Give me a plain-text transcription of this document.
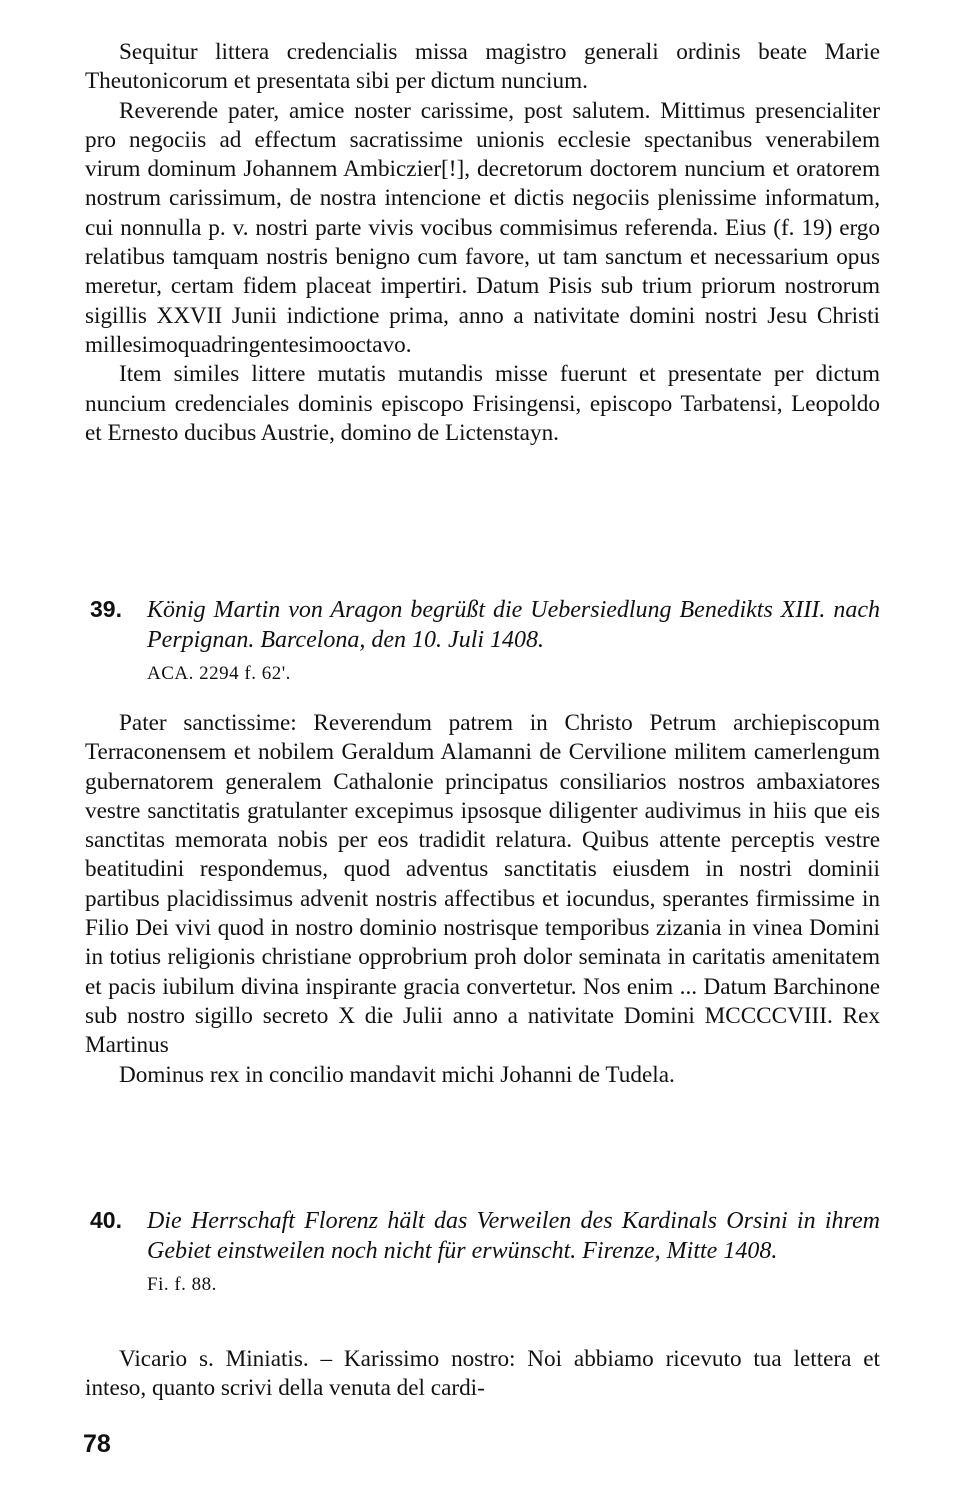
Sequitur littera credencialis missa magistro generali ordinis beate Marie Theutonicorum et presentata sibi per dictum nuncium.

Reverende pater, amice noster carissime, post salutem. Mittimus presencialiter pro negociis ad effectum sacratissime unionis ecclesie spectanibus venerabilem virum dominum Johannem Ambiczier[!], decretorum doctorem nuncium et oratorem nostrum carissimum, de nostra intencione et dictis negociis plenissime informatum, cui nonnulla p. v. nostri parte vivis vocibus commisimus referenda. Eius (f. 19) ergo relatibus tamquam nostris benigno cum favore, ut tam sanctum et necessarium opus meretur, certam fidem placeat impertiri. Datum Pisis sub trium priorum nostrorum sigillis XXVII Junii indictione prima, anno a nativitate domini nostri Jesu Christi millesimoquadringentesimooctavo.

Item similes littere mutatis mutandis misse fuerunt et presentate per dictum nuncium credenciales dominis episcopo Frisingensi, episcopo Tarbatensi, Leopoldo et Ernesto ducibus Austrie, domino de Lictenstayn.

39. König Martin von Aragon begrüßt die Uebersiedlung Benedikts XIII. nach Perpignan. Barcelona, den 10. Juli 1408.
ACA. 2294 f. 62'.

Pater sanctissime: Reverendum patrem in Christo Petrum archiepiscopum Terraconensem et nobilem Geraldum Alamanni de Cervilione militem camerlengum gubernatorem generalem Cathalonie principatus consiliarios nostros ambaxiatores vestre sanctitatis gratulanter excepimus ipsosque diligenter audivimus in hiis que eis sanctitas memorata nobis per eos tradidit relatura. Quibus attente perceptis vestre beatitudini respondemus, quod adventus sanctitatis eiusdem in nostri dominii partibus placidissimus advenit nostris affectibus et iocundus, sperantes firmissime in Filio Dei vivi quod in nostro dominio nostrisque temporibus zizania in vinea Domini in totius religionis christiane opprobrium proh dolor seminata in caritatis amenitatem et pacis iubilum divina inspirante gracia convertetur. Nos enim ... Datum Barchinone sub nostro sigillo secreto X die Julii anno a nativitate Domini MCCCCVIII. Rex Martinus

Dominus rex in concilio mandavit michi Johanni de Tudela.

40. Die Herrschaft Florenz hält das Verweilen des Kardinals Orsini in ihrem Gebiet einstweilen noch nicht für erwünscht. Firenze, Mitte 1408.
Fi. f. 88.

Vicario s. Miniatis. – Karissimo nostro: Noi abbiamo ricevuto tua lettera et inteso, quanto scrivi della venuta del cardi-

78
